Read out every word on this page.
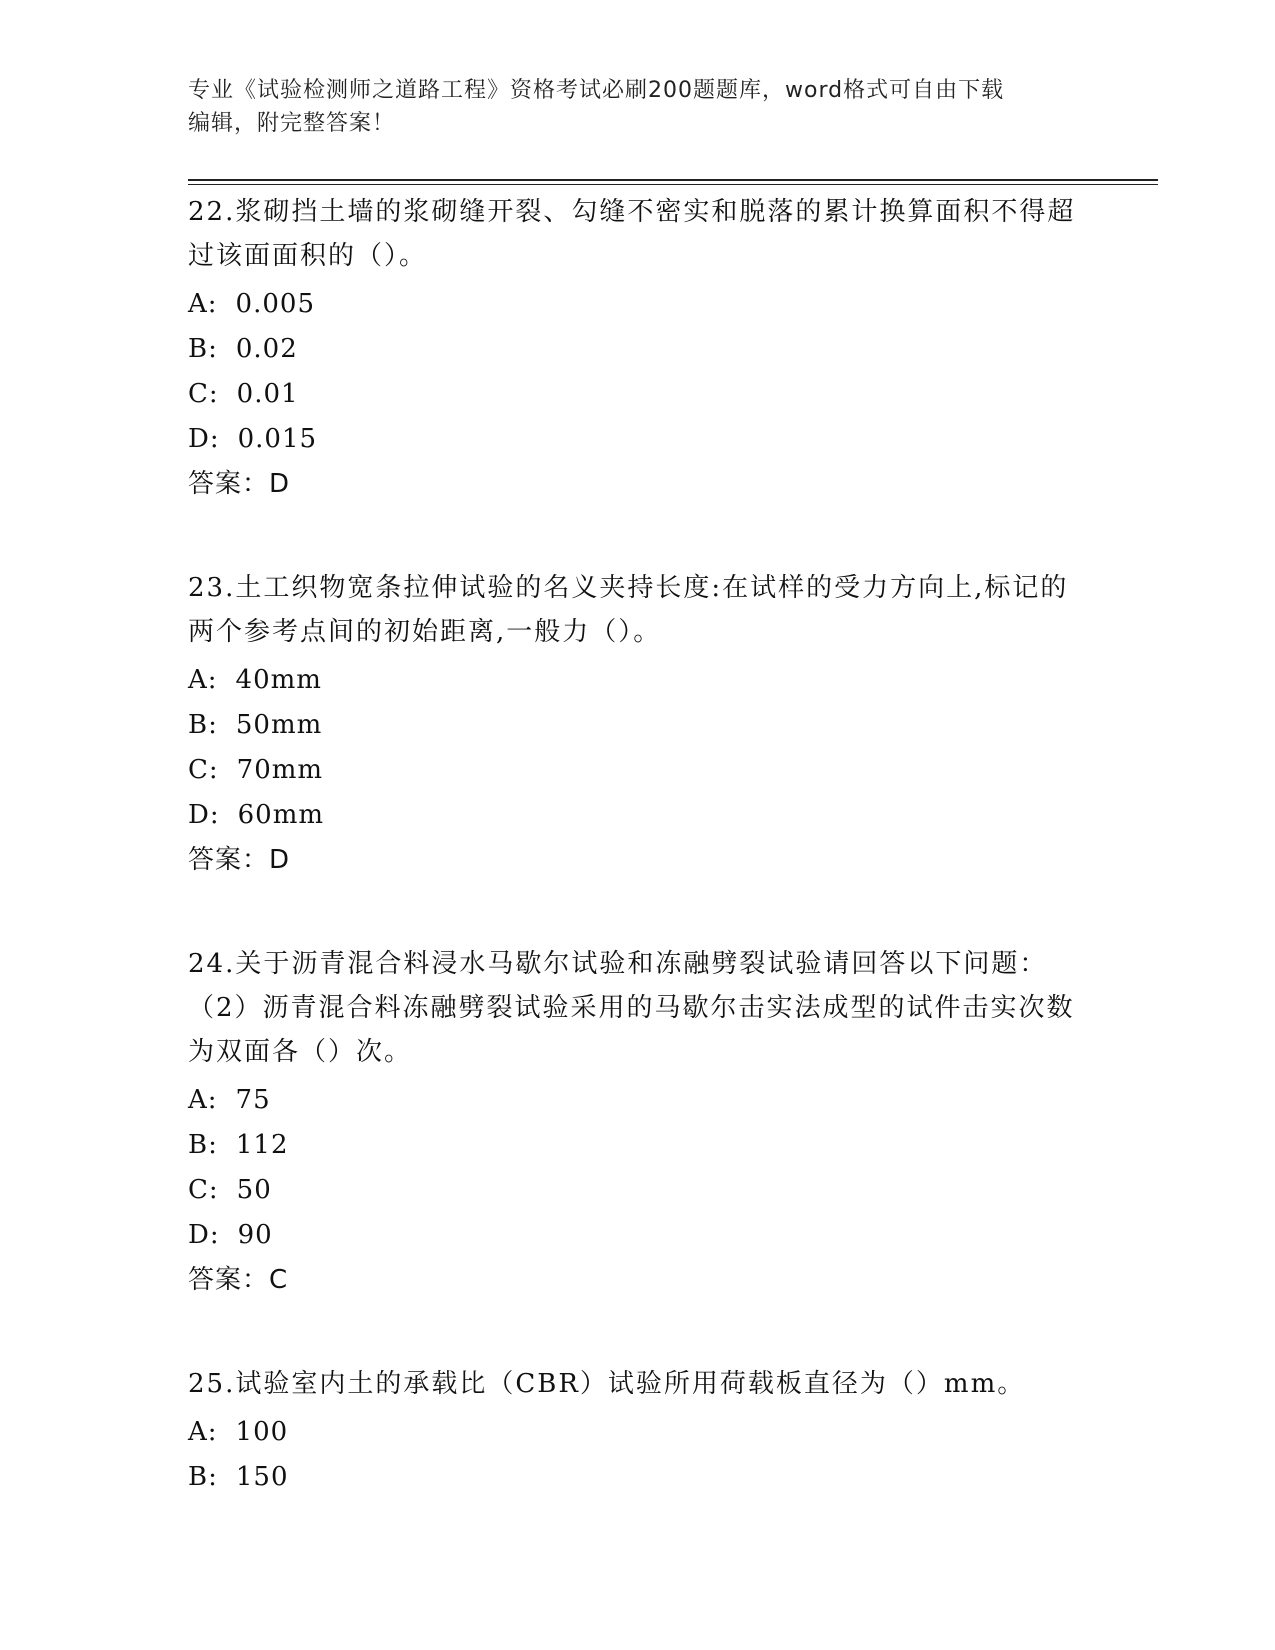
专业《试验检测师之道路工程》资格考试必刷200题题库，word格式可自由下载
编辑，附完整答案！
22.浆砌挡土墙的浆砌缝开裂、勾缝不密实和脱落的累计换算面积不得超过该面面积的（）。
A: 0.005
B: 0.02
C: 0.01
D: 0.015
答案：D
23.土工织物宽条拉伸试验的名义夹持长度:在试样的受力方向上,标记的两个参考点间的初始距离,一般力（）。
A: 40mm
B: 50mm
C: 70mm
D: 60mm
答案：D
24.关于沥青混合料浸水马歇尔试验和冻融劈裂试验请回答以下问题：（2）沥青混合料冻融劈裂试验采用的马歇尔击实法成型的试件击实次数为双面各（）次。
A: 75
B: 112
C: 50
D: 90
答案：C
25.试验室内土的承载比（CBR）试验所用荷载板直径为（）mm。
A: 100
B: 150
